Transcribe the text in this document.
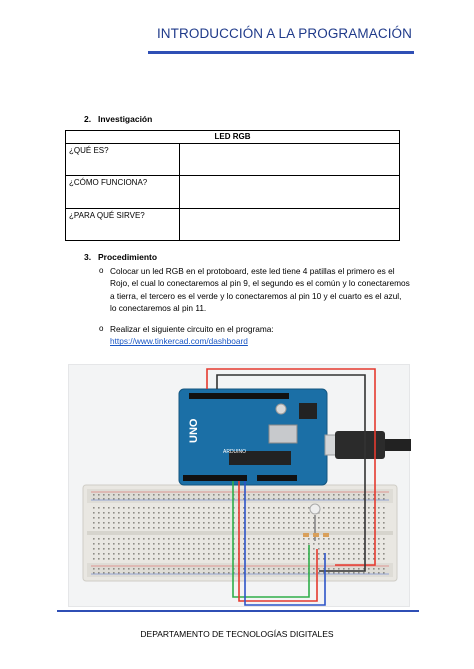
INTRODUCCIÓN A LA PROGRAMACIÓN
2. Investigación
LED RGB	
¿QUÉ ES?	
¿CÓMO FUNCIONA?	
¿PARA QUÉ SIRVE?	
3. Procedimiento
o Colocar un led RGB en el protoboard, este led tiene 4 patillas el primero es el Rojo, el cual lo conectaremos al pin 9, el segundo es el común y lo conectaremos a tierra, el tercero es el verde y lo conectaremos al pin 10 y el cuarto es el azul, lo conectaremos al pin 11.
o Realizar el siguiente circuito en el programa:
https://www.tinkercad.com/dashboard
UNO
ARDUINO
DEPARTAMENTO DE TECNOLOGÍAS DIGITALES
